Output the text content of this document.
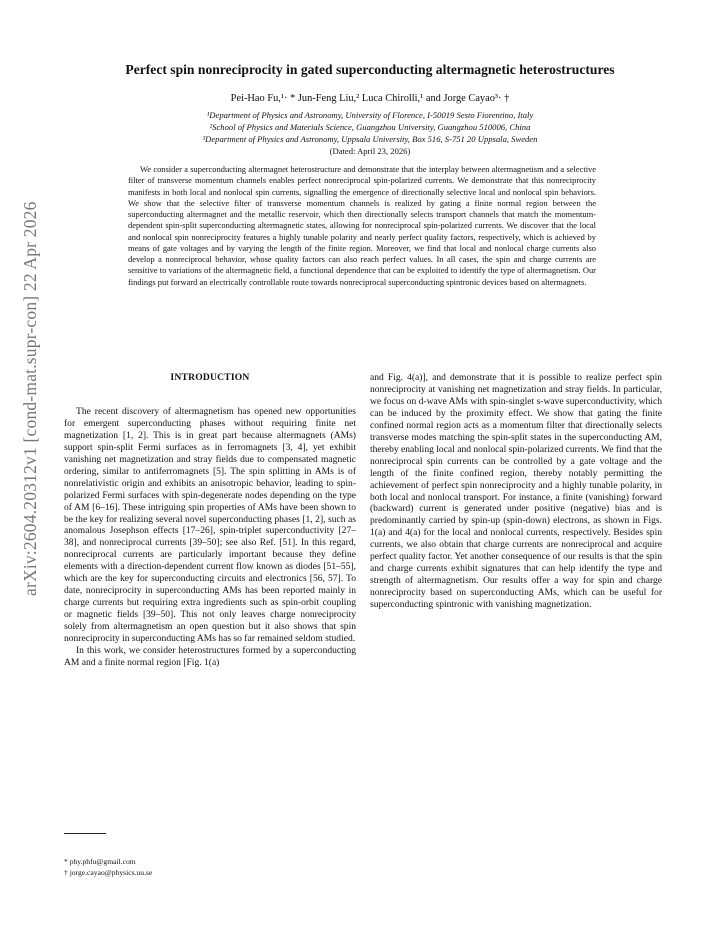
arXiv:2604.20312v1 [cond-mat.supr-con] 22 Apr 2026
Perfect spin nonreciprocity in gated superconducting altermagnetic heterostructures

Pei-Hao Fu,¹· * Jun-Feng Liu,² Luca Chirolli,¹ and Jorge Cayao³· †

¹Department of Physics and Astronomy, University of Florence, I-50019 Sesto Fiorentino, Italy
²School of Physics and Materials Science, Guangzhou University, Guangzhou 510006, China
³Department of Physics and Astronomy, Uppsala University, Box 516, S-751 20 Uppsala, Sweden
(Dated: April 23, 2026)

We consider a superconducting altermagnet heterostructure and demonstrate that the interplay between altermagnetism and a selective filter of transverse momentum channels enables perfect nonreciprocal spin-polarized currents. We demonstrate that this nonreciprocity manifests in both local and nonlocal spin currents, signalling the emergence of directionally selective local and nonlocal spin behaviors. We show that the selective filter of transverse momentum channels is realized by gating a finite normal region between the superconducting altermagnet and the metallic reservoir, which then directionally selects transport channels that match the momentum-dependent spin-split superconducting altermagnetic states, allowing for nonreciprocal spin-polarized currents. We discover that the local and nonlocal spin nonreciprocity features a highly tunable polarity and nearly perfect quality factors, respectively, which is achieved by means of gate voltages and by varying the length of the finite region. Moreover, we find that local and nonlocal charge currents also develop a nonreciprocal behavior, whose quality factors can also reach perfect values. In all cases, the spin and charge currents are sensitive to variations of the altermagnetic field, a functional dependence that can be exploited to identify the type of altermagnetism. Our findings put forward an electrically controllable route towards nonreciprocal superconducting spintronic devices based on altermagnets.

INTRODUCTION

The recent discovery of altermagnetism has opened new opportunities for emergent superconducting phases without requiring finite net magnetization [1, 2]. This is in great part because altermagnets (AMs) support spin-split Fermi surfaces as in ferromagnets [3, 4], yet exhibit vanishing net magnetization and stray fields due to compensated magnetic ordering, similar to antiferromagnets [5]. The spin splitting in AMs is of nonrelativistic origin and exhibits an anisotropic behavior, leading to spin-polarized Fermi surfaces with spin-degenerate nodes depending on the type of AM [6–16]. These intriguing spin properties of AMs have been shown to be the key for realizing several novel superconducting phases [1, 2], such as anomalous Josephson effects [17–26], spin-triplet superconductivity [27–38], and nonreciprocal currents [39–50]; see also Ref. [51]. In this regard, nonreciprocal currents are particularly important because they define elements with a direction-dependent current flow known as diodes [51–55], which are the key for superconducting circuits and electronics [56, 57]. To date, nonreciprocity in superconducting AMs has been reported mainly in charge currents but requiring extra ingredients such as spin-orbit coupling or magnetic fields [39–50]. This not only leaves charge nonreciprocity solely from altermagnetism an open question but it also shows that spin nonreciprocity in superconducting AMs has so far remained seldom studied.

In this work, we consider heterostructures formed by a superconducting AM and a finite normal region [Fig. 1(a)

and Fig. 4(a)], and demonstrate that it is possible to realize perfect spin nonreciprocity at vanishing net magnetization and stray fields. In particular, we focus on d-wave AMs with spin-singlet s-wave superconductivity, which can be induced by the proximity effect. We show that gating the finite confined normal region acts as a momentum filter that directionally selects transverse modes matching the spin-split states in the superconducting AM, thereby enabling local and nonlocal spin-polarized currents. We find that the nonreciprocal spin currents can be controlled by a gate voltage and the length of the finite confined region, thereby notably permitting the achievement of perfect spin nonreciprocity and a highly tunable polarity, in both local and nonlocal transport. For instance, a finite (vanishing) forward (backward) current is generated under positive (negative) bias and is predominantly carried by spin-up (spin-down) electrons, as shown in Figs. 1(a) and 4(a) for the local and nonlocal currents, respectively. Besides spin currents, we also obtain that charge currents are nonreciprocal and acquire perfect quality factor. Yet another consequence of our results is that the spin and charge currents exhibit signatures that can help identify the type and strength of altermagnetism. Our results offer a way for spin and charge nonreciprocity based on superconducting AMs, which can be useful for superconducting spintronic with vanishing magnetization.

* phy.phfu@gmail.com
† jorge.cayao@physics.uu.se
